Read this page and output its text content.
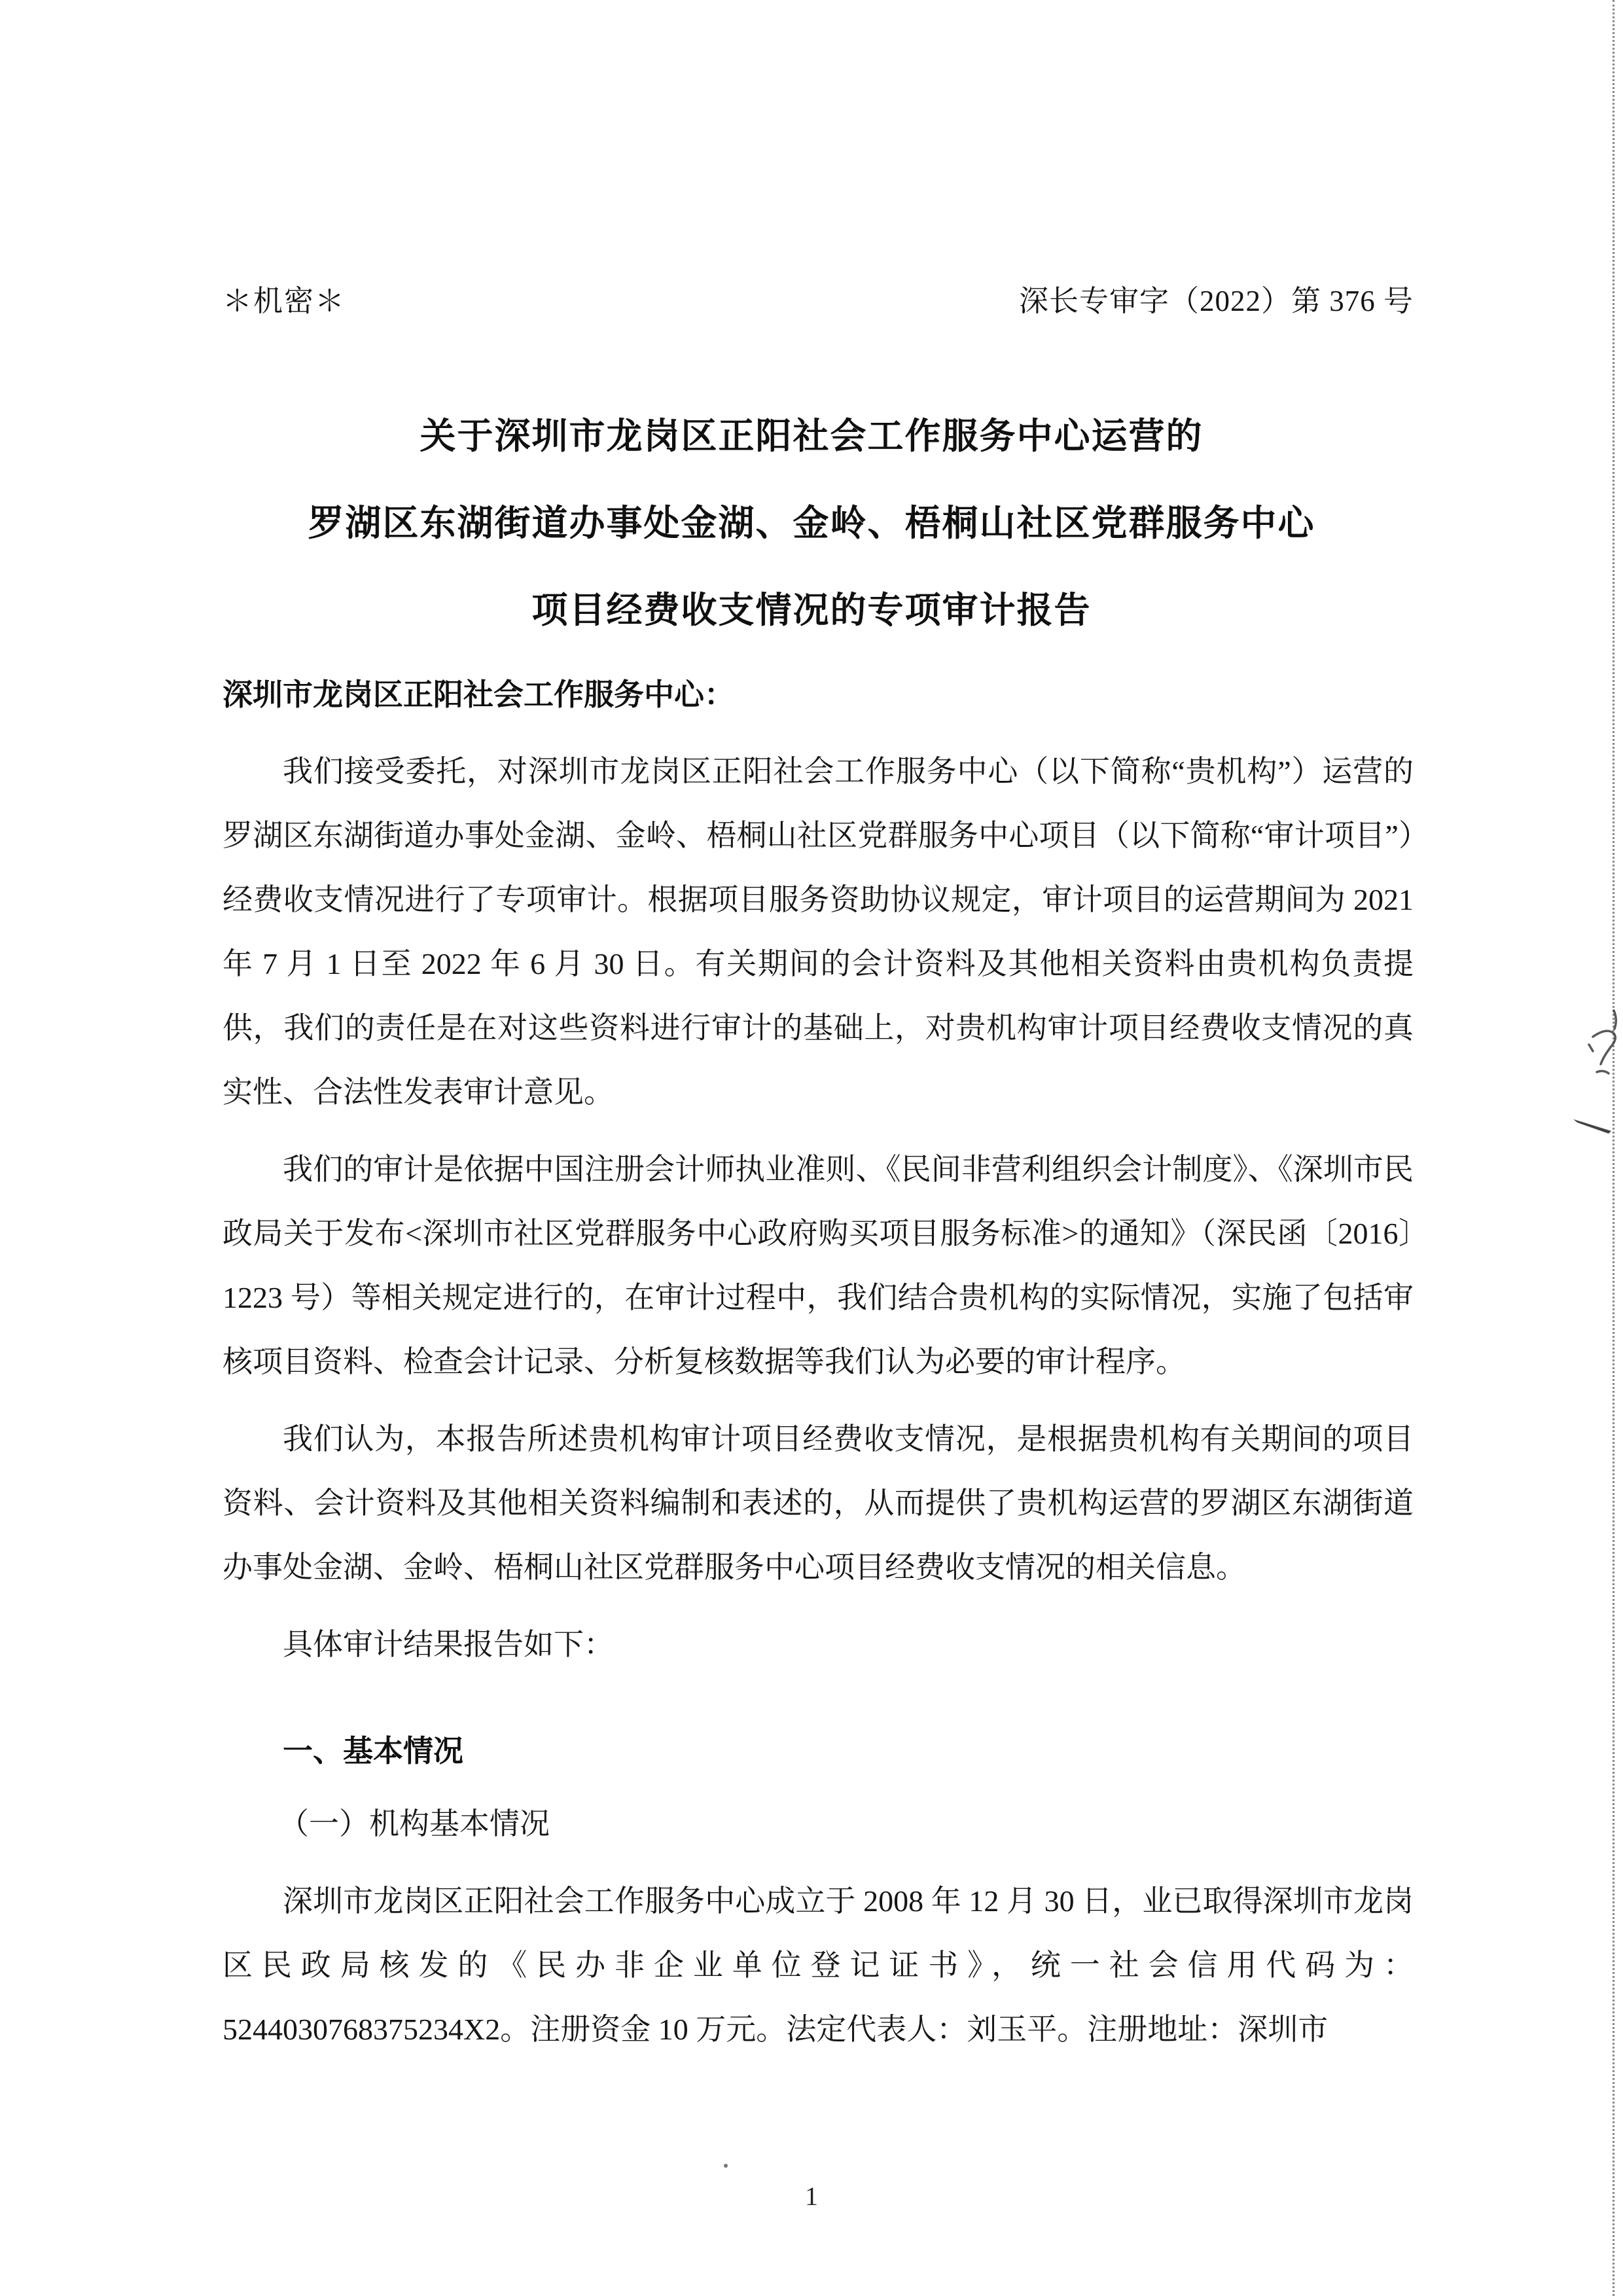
＊机密＊	深长专审字（2022）第 376 号
关于深圳市龙岗区正阳社会工作服务中心运营的
罗湖区东湖街道办事处金湖、金岭、梧桐山社区党群服务中心
项目经费收支情况的专项审计报告
深圳市龙岗区正阳社会工作服务中心：

我们接受委托，对深圳市龙岗区正阳社会工作服务中心（以下简称“贵机构”）运营的罗湖区东湖街道办事处金湖、金岭、梧桐山社区党群服务中心项目（以下简称“审计项目”）经费收支情况进行了专项审计。根据项目服务资助协议规定，审计项目的运营期间为 2021 年 7 月 1 日至 2022 年 6 月 30 日。有关期间的会计资料及其他相关资料由贵机构负责提供，我们的责任是在对这些资料进行审计的基础上，对贵机构审计项目经费收支情况的真实性、合法性发表审计意见。

我们的审计是依据中国注册会计师执业准则、《民间非营利组织会计制度》、《深圳市民政局关于发布<深圳市社区党群服务中心政府购买项目服务标准>的通知》（深民函〔2016〕1223 号）等相关规定进行的，在审计过程中，我们结合贵机构的实际情况，实施了包括审核项目资料、检查会计记录、分析复核数据等我们认为必要的审计程序。

我们认为，本报告所述贵机构审计项目经费收支情况，是根据贵机构有关期间的项目资料、会计资料及其他相关资料编制和表述的，从而提供了贵机构运营的罗湖区东湖街道办事处金湖、金岭、梧桐山社区党群服务中心项目经费收支情况的相关信息。

具体审计结果报告如下：

一、基本情况
（一）机构基本情况

深圳市龙岗区正阳社会工作服务中心成立于 2008 年 12 月 30 日，业已取得深圳市龙岗区民政局核发的《民办非企业单位登记证书》，统一社会信用代码为：5244030768375234X2。注册资金 10 万元。法定代表人：刘玉平。注册地址：深圳市

1
